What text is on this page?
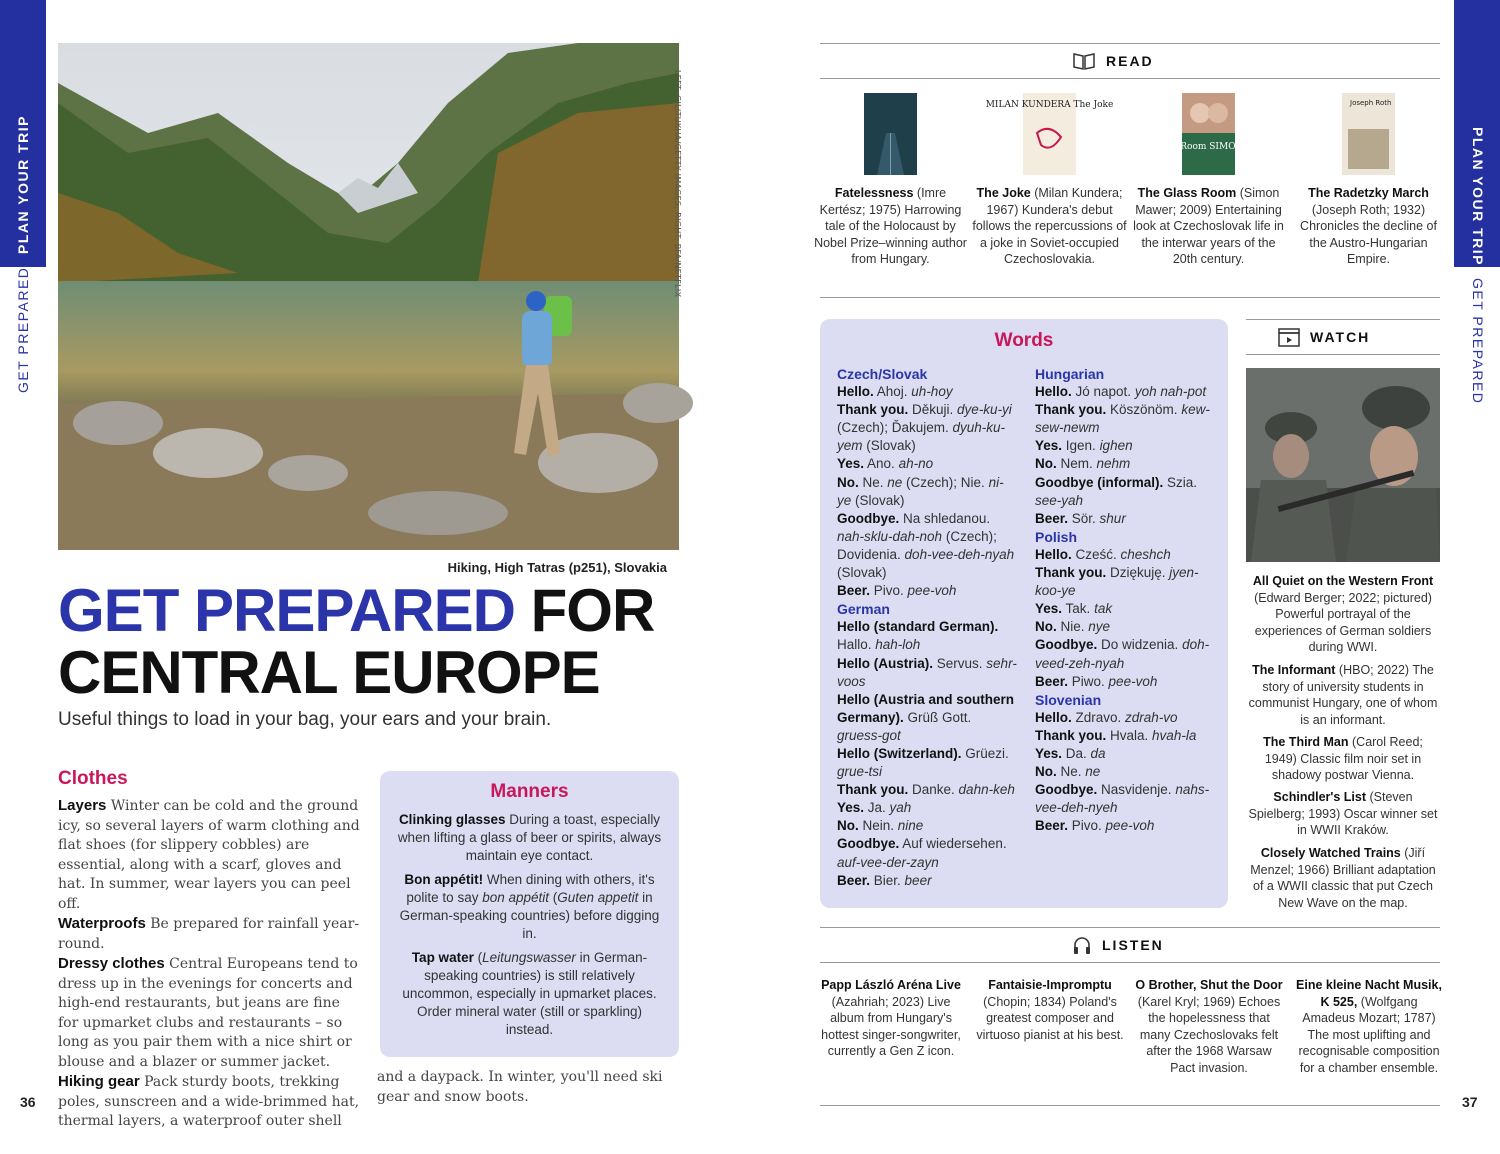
PLAN YOUR TRIP
GET PREPARED
PLAN YOUR TRIP
GET PREPARED
36	37
LEFT: GILITUKHA/GETTY IMAGES; RIGHT: BFA/NETFLIX
Hiking, High Tatras (p251), Slovakia
GET PREPARED FOR
CENTRAL EUROPE
Useful things to load in your bag, your ears and your brain.
Clothes
Layers Winter can be cold and the ground icy, so several layers of warm clothing and flat shoes (for slippery cobbles) are essential, along with a scarf, gloves and hat. In summer, wear layers you can peel off.
Waterproofs Be prepared for rainfall year-round.
Dressy clothes Central Europeans tend to dress up in the evenings for concerts and high-end restaurants, but jeans are fine for upmarket clubs and restaurants – so long as you pair them with a nice shirt or blouse and a blazer or summer jacket.
Hiking gear Pack sturdy boots, trekking poles, sunscreen and a wide-brimmed hat, thermal layers, a waterproof outer shell
and a daypack. In winter, you'll need ski gear and snow boots.
Manners

Clinking glasses During a toast, especially when lifting a glass of beer or spirits, always maintain eye contact.

Bon appétit! When dining with others, it's polite to say bon appétit (Guten appetit in German-speaking countries) before digging in.

Tap water (Leitungswasser in German-speaking countries) is still relatively uncommon, especially in upmarket places. Order mineral water (still or sparkling) instead.

READ
Fatelessness (Imre Kertész; 1975) Harrowing tale of the Holocaust by Nobel Prize–winning author from Hungary.
MILAN KUNDERA The Joke
The Joke (Milan Kundera; 1967) Kundera's debut follows the repercussions of a joke in Soviet-occupied Czechoslovakia.
The Glass Room SIMON MAWER
The Glass Room (Simon Mawer; 2009) Entertaining look at Czechoslovak life in the interwar years of the 20th century.
Joseph Roth
The Radetzky March (Joseph Roth; 1932) Chronicles the decline of the Austro-Hungarian Empire.
Words
Czech/Slovak
Hello. Ahoj. uh-hoy
Thank you. Děkuji. dye-ku-yi (Czech); Ďakujem. dyuh-ku-yem (Slovak)
Yes. Ano. ah-no
No. Ne. ne (Czech); Nie. ni-ye (Slovak)
Goodbye. Na shledanou. nah-sklu-dah-noh (Czech); Dovidenia. doh-vee-deh-nyah (Slovak)
Beer. Pivo. pee-voh
German
Hello (standard German). Hallo. hah-loh
Hello (Austria). Servus. sehr-voos
Hello (Austria and southern Germany). Grüß Gott. gruess-got
Hello (Switzerland). Grüezi. grue-tsi
Thank you. Danke. dahn-keh
Yes. Ja. yah
No. Nein. nine
Goodbye. Auf wiedersehen. auf-vee-der-zayn
Beer. Bier. beer
Hungarian
Hello. Jó napot. yoh nah-pot
Thank you. Köszönöm. kew-sew-newm
Yes. Igen. ighen
No. Nem. nehm
Goodbye (informal). Szia. see-yah
Beer. Sör. shur
Polish
Hello. Cześć. cheshch
Thank you. Dziękuję. jyen-koo-ye
Yes. Tak. tak
No. Nie. nye
Goodbye. Do widzenia. doh-veed-zeh-nyah
Beer. Piwo. pee-voh
Slovenian
Hello. Zdravo. zdrah-vo
Thank you. Hvala. hvah-la
Yes. Da. da
No. Ne. ne
Goodbye. Nasvidenje. nahs-vee-deh-nyeh
Beer. Pivo. pee-voh
WATCH
All Quiet on the Western Front (Edward Berger; 2022; pictured) Powerful portrayal of the experiences of German soldiers during WWI.
The Informant (HBO; 2022) The story of university students in communist Hungary, one of whom is an informant.
The Third Man (Carol Reed; 1949) Classic film noir set in shadowy postwar Vienna.
Schindler's List (Steven Spielberg; 1993) Oscar winner set in WWII Kraków.
Closely Watched Trains (Jiří Menzel; 1966) Brilliant adaptation of a WWII classic that put Czech New Wave on the map.
LISTEN
Papp László Aréna Live (Azahriah; 2023) Live album from Hungary's hottest singer-songwriter, currently a Gen Z icon.
Fantaisie-Impromptu (Chopin; 1834) Poland's greatest composer and virtuoso pianist at his best.
O Brother, Shut the Door (Karel Kryl; 1969) Echoes the hopelessness that many Czechoslovaks felt after the 1968 Warsaw Pact invasion.
Eine kleine Nacht Musik, K 525, (Wolfgang Amadeus Mozart; 1787) The most uplifting and recognisable composition for a chamber ensemble.
